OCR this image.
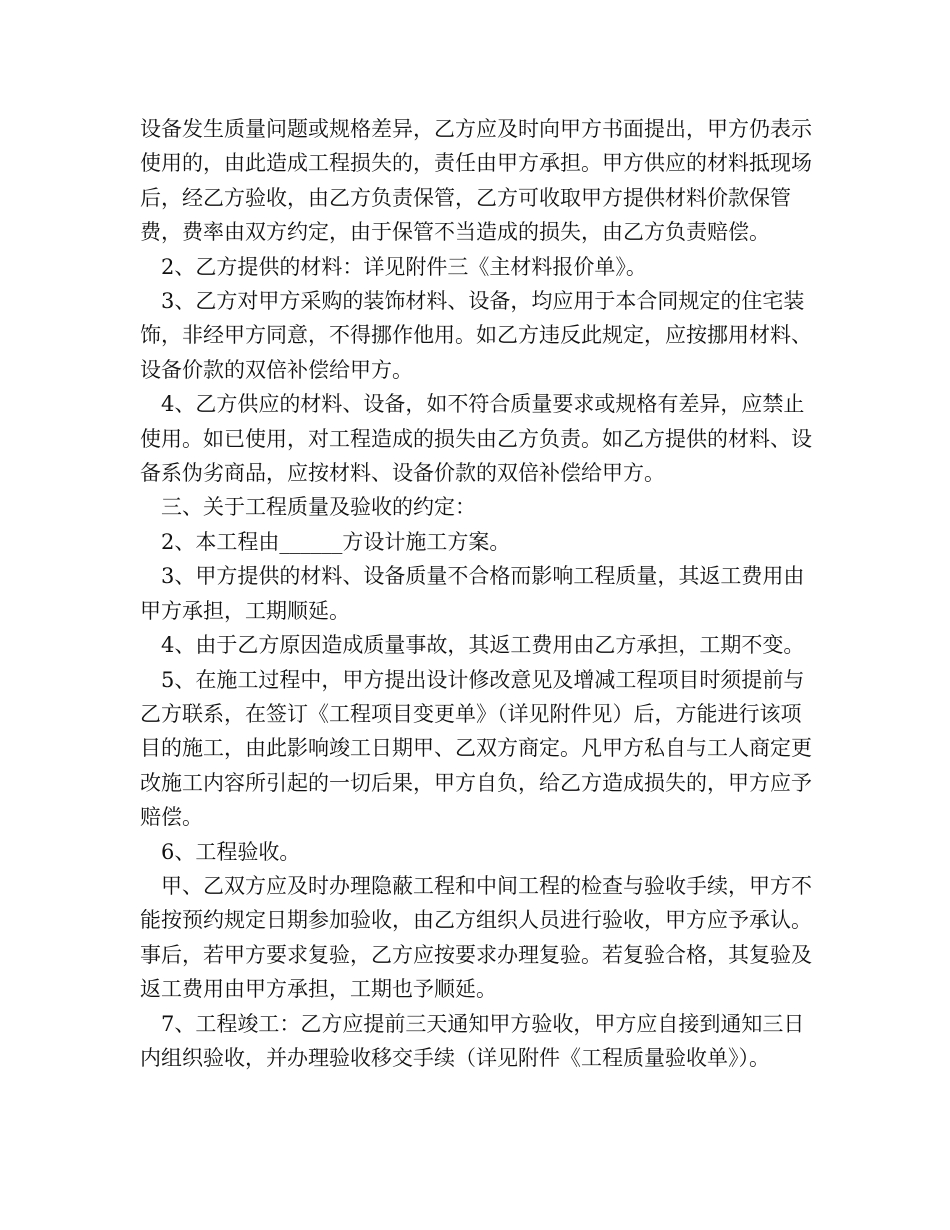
设备发生质量问题或规格差异，乙方应及时向甲方书面提出，甲方仍表示使用的，由此造成工程损失的，责任由甲方承担。甲方供应的材料抵现场后，经乙方验收，由乙方负责保管，乙方可收取甲方提供材料价款保管费，费率由双方约定，由于保管不当造成的损失，由乙方负责赔偿。

2、乙方提供的材料：详见附件三《主材料报价单》。

3、乙方对甲方采购的装饰材料、设备，均应用于本合同规定的住宅装饰，非经甲方同意，不得挪作他用。如乙方违反此规定，应按挪用材料、设备价款的双倍补偿给甲方。

4、乙方供应的材料、设备，如不符合质量要求或规格有差异，应禁止使用。如已使用，对工程造成的损失由乙方负责。如乙方提供的材料、设备系伪劣商品，应按材料、设备价款的双倍补偿给甲方。

三、关于工程质量及验收的约定：

2、本工程由______方设计施工方案。

3、甲方提供的材料、设备质量不合格而影响工程质量，其返工费用由甲方承担，工期顺延。

4、由于乙方原因造成质量事故，其返工费用由乙方承担，工期不变。

5、在施工过程中，甲方提出设计修改意见及增减工程项目时须提前与乙方联系，在签订《工程项目变更单》（详见附件见）后，方能进行该项目的施工，由此影响竣工日期甲、乙双方商定。凡甲方私自与工人商定更改施工内容所引起的一切后果，甲方自负，给乙方造成损失的，甲方应予赔偿。

6、工程验收。

甲、乙双方应及时办理隐蔽工程和中间工程的检查与验收手续，甲方不能按预约规定日期参加验收，由乙方组织人员进行验收，甲方应予承认。事后，若甲方要求复验，乙方应按要求办理复验。若复验合格，其复验及返工费用由甲方承担，工期也予顺延。

7、工程竣工：乙方应提前三天通知甲方验收，甲方应自接到通知三日内组织验收，并办理验收移交手续（详见附件《工程质量验收单》）。
